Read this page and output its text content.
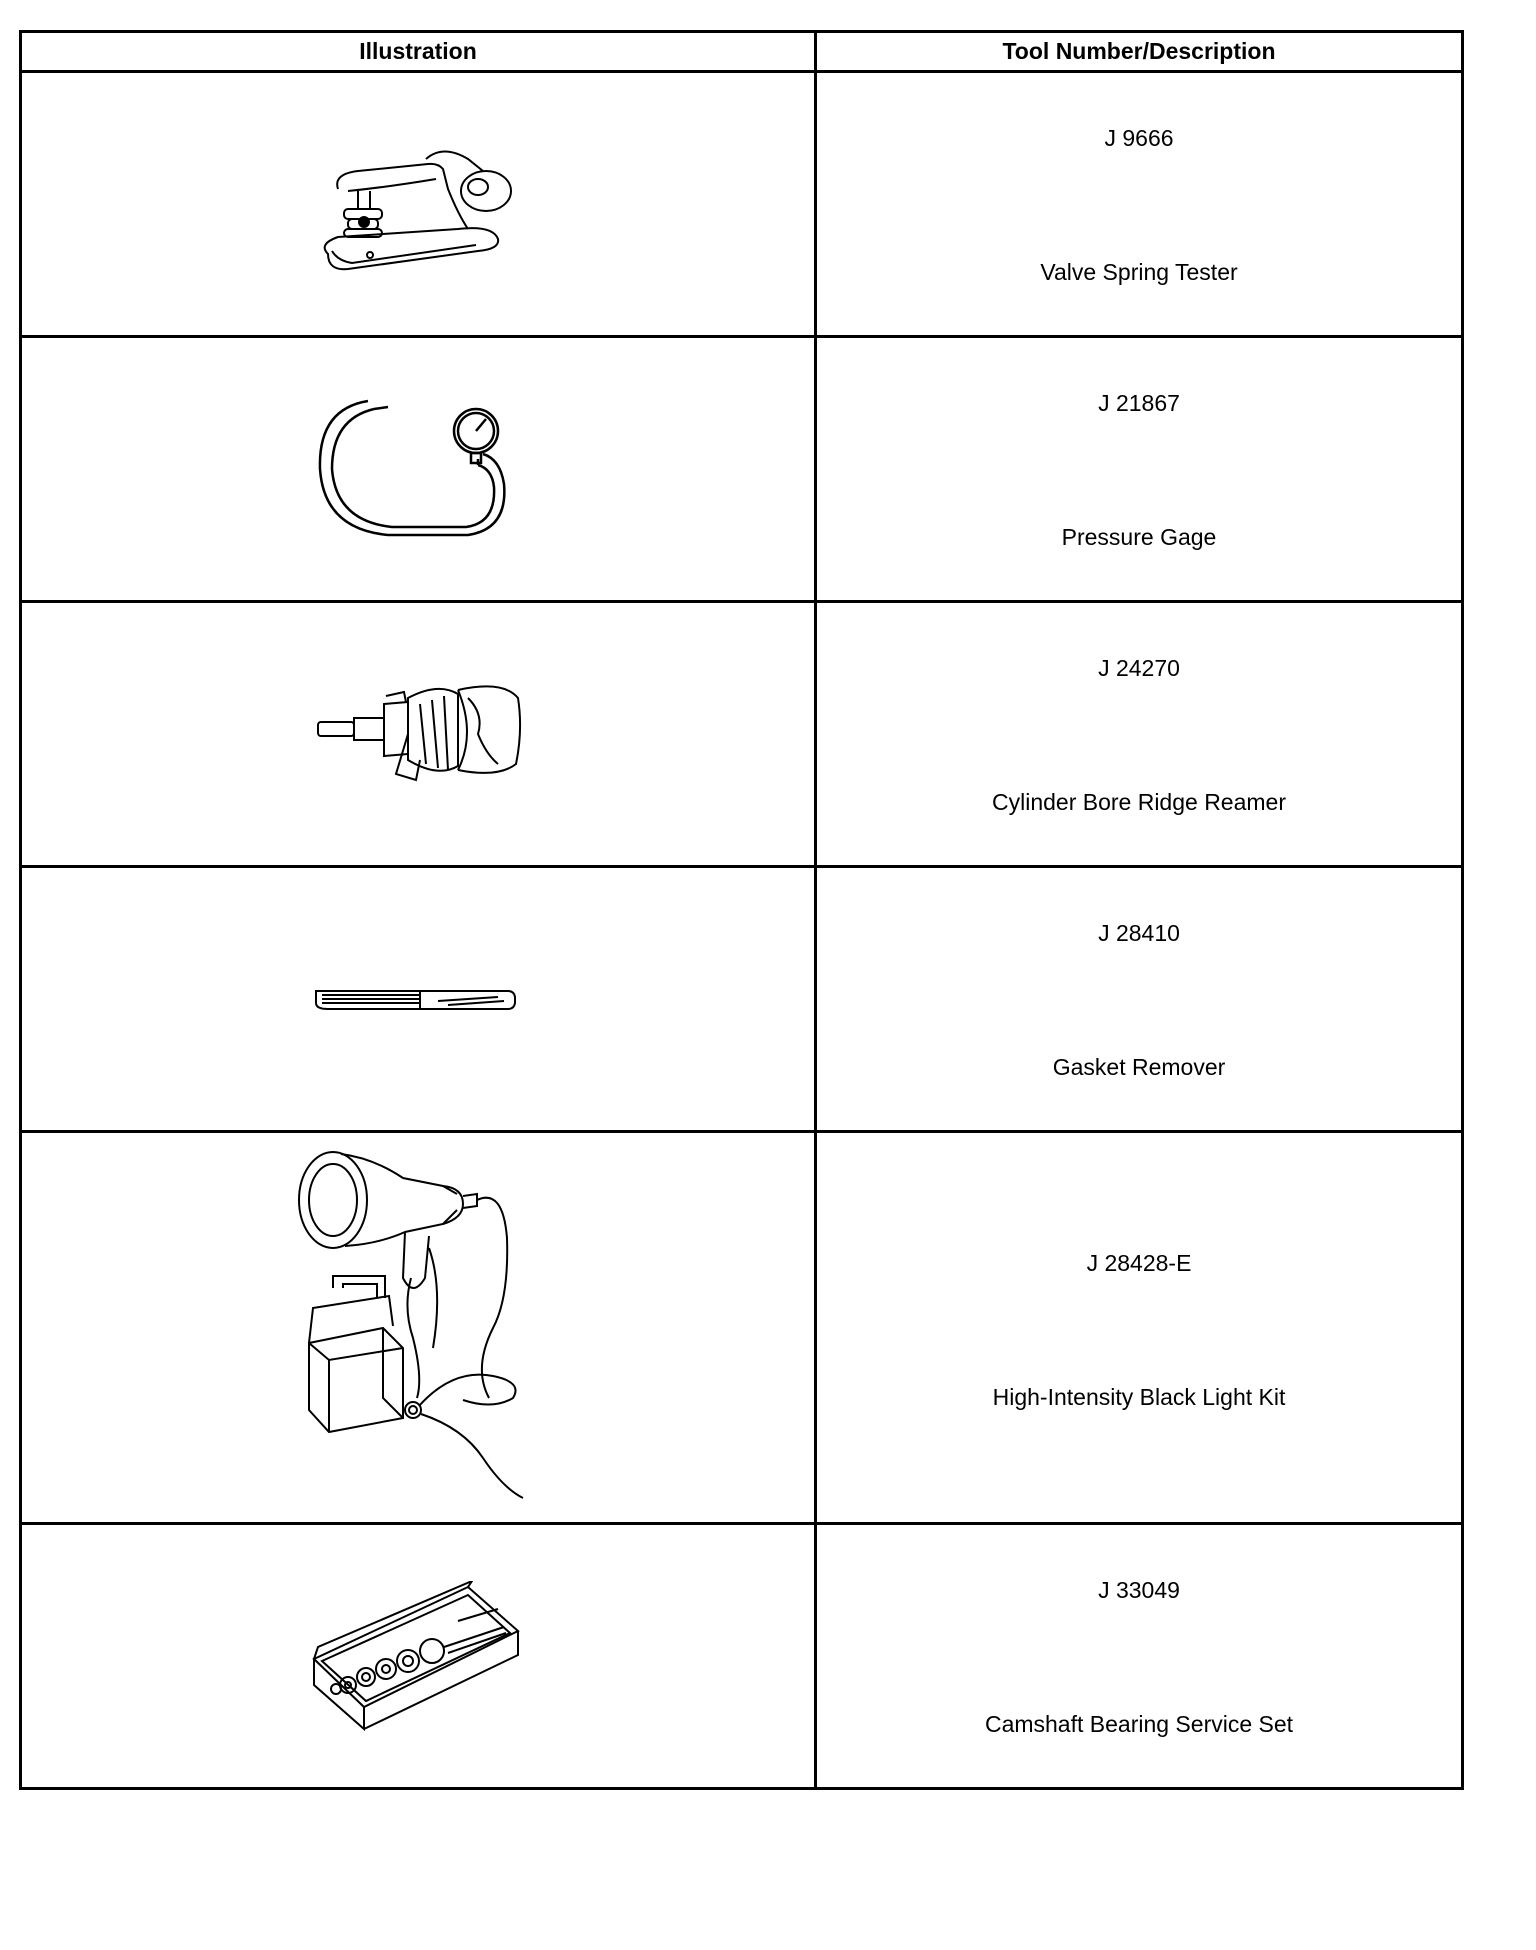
Illustration	Tool Number/Description

J 9666
Valve Spring Tester

J 21867
Pressure Gage

J 24270
Cylinder Bore Ridge Reamer

J 28410
Gasket Remover

J 28428-E
High-Intensity Black Light Kit

J 33049
Camshaft Bearing Service Set
